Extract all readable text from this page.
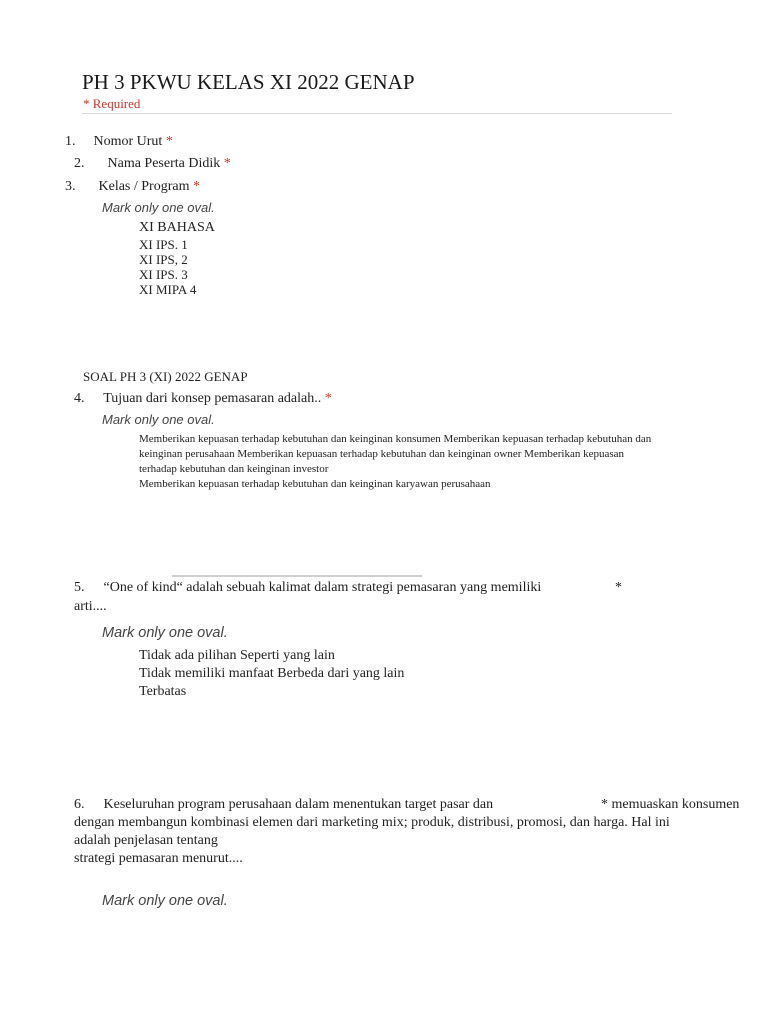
PH 3 PKWU KELAS XI 2022 GENAP
* Required
1. Nomor Urut *
2. Nama Peserta Didik *
3. Kelas / Program *
Mark only one oval.
XI BAHASA
XI IPS. 1
XI IPS, 2
XI IPS. 3
XI MIPA 4
SOAL PH 3 (XI) 2022 GENAP
4. Tujuan dari konsep pemasaran adalah.. *
Mark only one oval.
Memberikan kepuasan terhadap kebutuhan dan keinginan konsumen Memberikan kepuasan terhadap kebutuhan dan
keinginan perusahaan Memberikan kepuasan terhadap kebutuhan dan keinginan owner Memberikan kepuasan
terhadap kebutuhan dan keinginan investor
Memberikan kepuasan terhadap kebutuhan dan keinginan karyawan perusahaan
5. “One of kind“ adalah sebuah kalimat dalam strategi pemasaran yang memiliki	*
arti....
Mark only one oval.
Tidak ada pilihan Seperti yang lain
Tidak memiliki manfaat Berbeda dari yang lain
Terbatas
6. Keseluruhan program perusahaan dalam menentukan target pasar dan	* memuaskan konsumen
dengan membangun kombinasi elemen dari marketing mix; produk, distribusi, promosi, dan harga. Hal ini
adalah penjelasan tentang
strategi pemasaran menurut....
Mark only one oval.
